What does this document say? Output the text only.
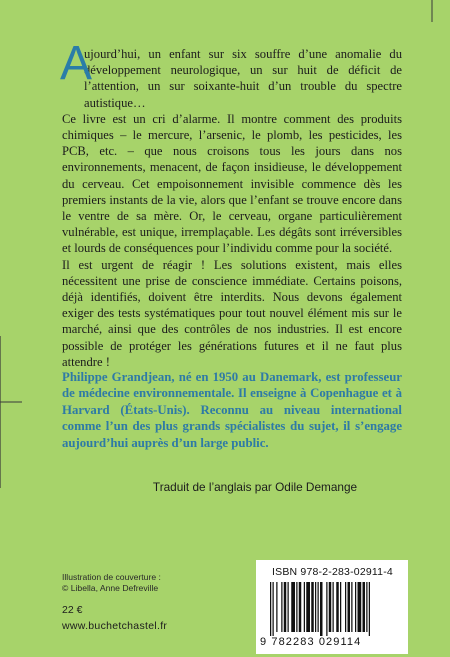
A
ujourd’hui, un enfant sur six souffre d’une anomalie du développement neurologique, un sur huit de déficit de l’attention, un sur soixante-huit d’un trouble du spectre autistique…

Ce livre est un cri d’alarme. Il montre comment des produits chimiques – le mercure, l’arsenic, le plomb, les pesticides, les PCB, etc. – que nous croisons tous les jours dans nos environnements, menacent, de façon insidieuse, le développement du cerveau. Cet empoisonnement invisible commence dès les premiers instants de la vie, alors que l’enfant se trouve encore dans le ventre de sa mère. Or, le cerveau, organe particulièrement vulnérable, est unique, irremplaçable. Les dégâts sont irréversibles et lourds de conséquences pour l’individu comme pour la société.

Il est urgent de réagir ! Les solutions existent, mais elles nécessitent une prise de conscience immédiate. Certains poisons, déjà identifiés, doivent être interdits. Nous devons également exiger des tests systématiques pour tout nouvel élément mis sur le marché, ainsi que des contrôles de nos industries. Il est encore possible de protéger les générations futures et il ne faut plus attendre !

Philippe Grandjean, né en 1950 au Danemark, est professeur de médecine environnementale. Il enseigne à Copenhague et à Harvard (États-Unis). Reconnu au niveau international comme l’un des plus grands spécialistes du sujet, il s’engage aujourd’hui auprès d’un large public.
Traduit de l’anglais par Odile Demange
Illustration de couverture :
© Libella, Anne Defreville
22 €
www.buchetchastel.fr
ISBN 978-2-283-02911-4
9 782283 029114
